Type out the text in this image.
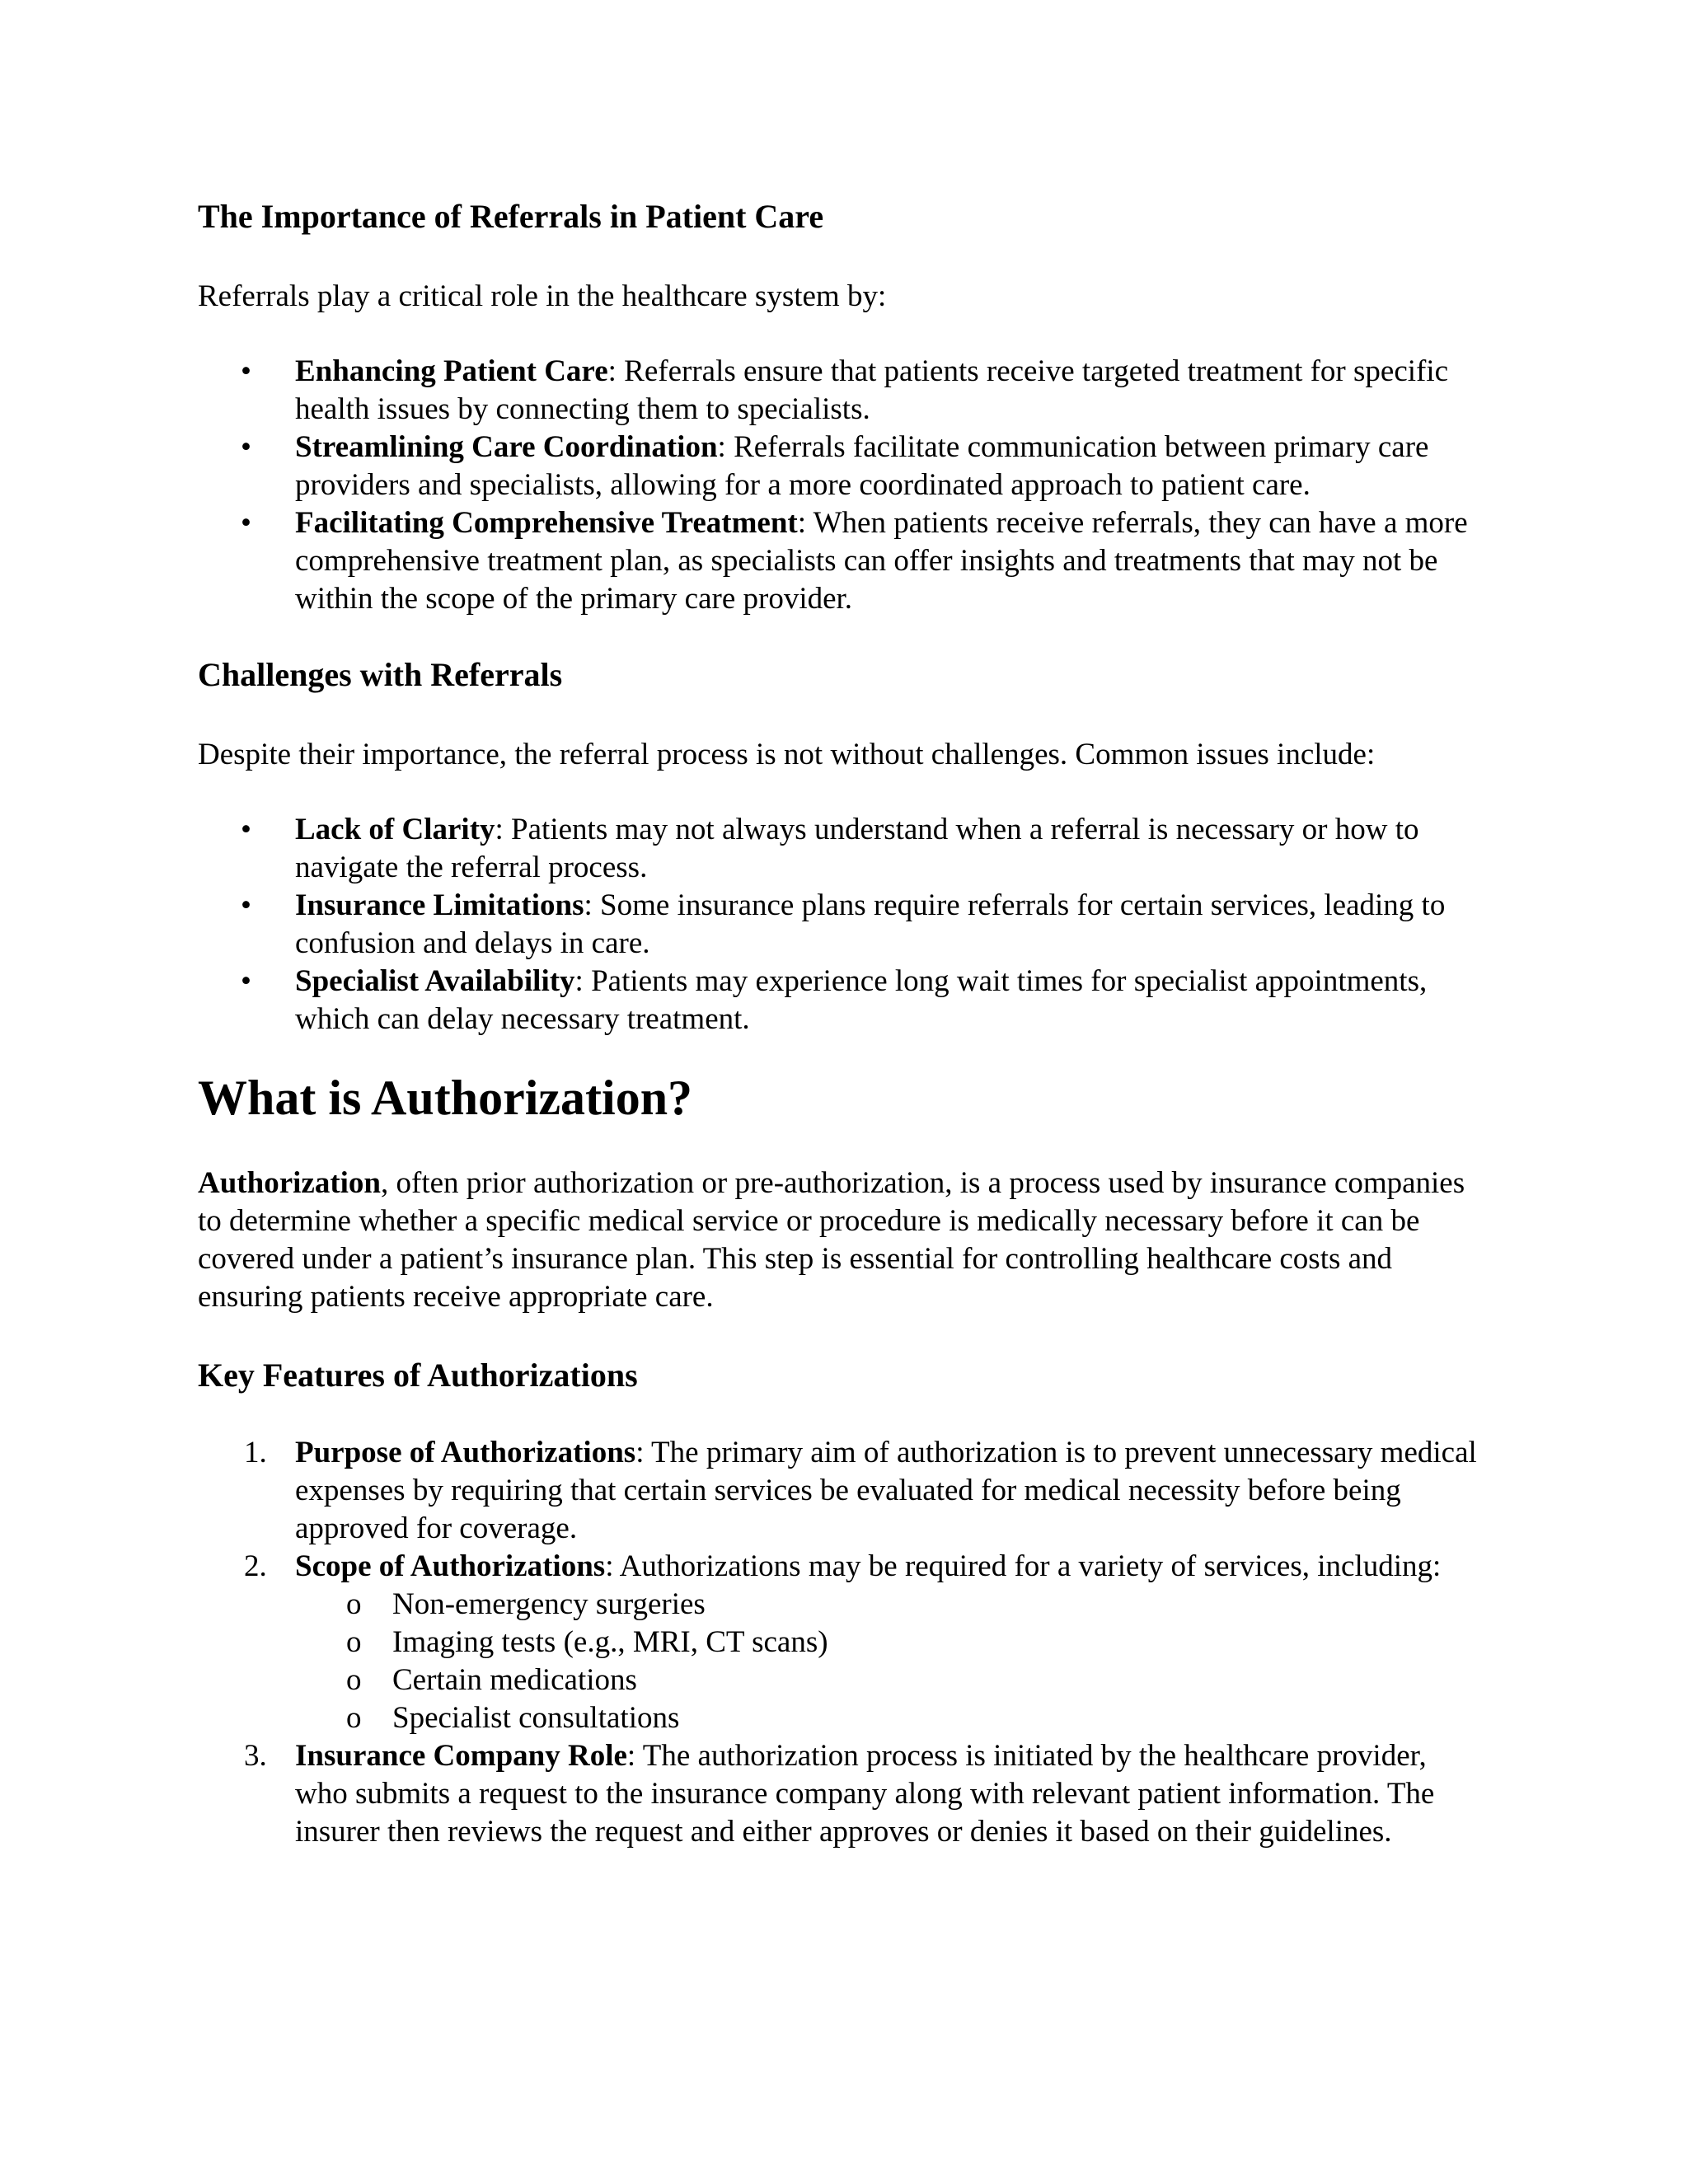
The Importance of Referrals in Patient Care

Referrals play a critical role in the healthcare system by:

•	Enhancing Patient Care: Referrals ensure that patients receive targeted treatment for specific health issues by connecting them to specialists.
•	Streamlining Care Coordination: Referrals facilitate communication between primary care providers and specialists, allowing for a more coordinated approach to patient care.
•	Facilitating Comprehensive Treatment: When patients receive referrals, they can have a more comprehensive treatment plan, as specialists can offer insights and treatments that may not be within the scope of the primary care provider.
Challenges with Referrals

Despite their importance, the referral process is not without challenges. Common issues include:

•	Lack of Clarity: Patients may not always understand when a referral is necessary or how to navigate the referral process.
•	Insurance Limitations: Some insurance plans require referrals for certain services, leading to confusion and delays in care.
•	Specialist Availability: Patients may experience long wait times for specialist appointments, which can delay necessary treatment.
What is Authorization?

Authorization, often prior authorization or pre-authorization, is a process used by insurance companies to determine whether a specific medical service or procedure is medically necessary before it can be covered under a patient’s insurance plan. This step is essential for controlling healthcare costs and ensuring patients receive appropriate care.

Key Features of Authorizations
1. Purpose of Authorizations: The primary aim of authorization is to prevent unnecessary medical expenses by requiring that certain services be evaluated for medical necessity before being approved for coverage.
2. Scope of Authorizations: Authorizations may be required for a variety of services, including:
o Non-emergency surgeries
o Imaging tests (e.g., MRI, CT scans)
o Certain medications
o Specialist consultations
3. Insurance Company Role: The authorization process is initiated by the healthcare provider, who submits a request to the insurance company along with relevant patient information. The insurer then reviews the request and either approves or denies it based on their guidelines.
